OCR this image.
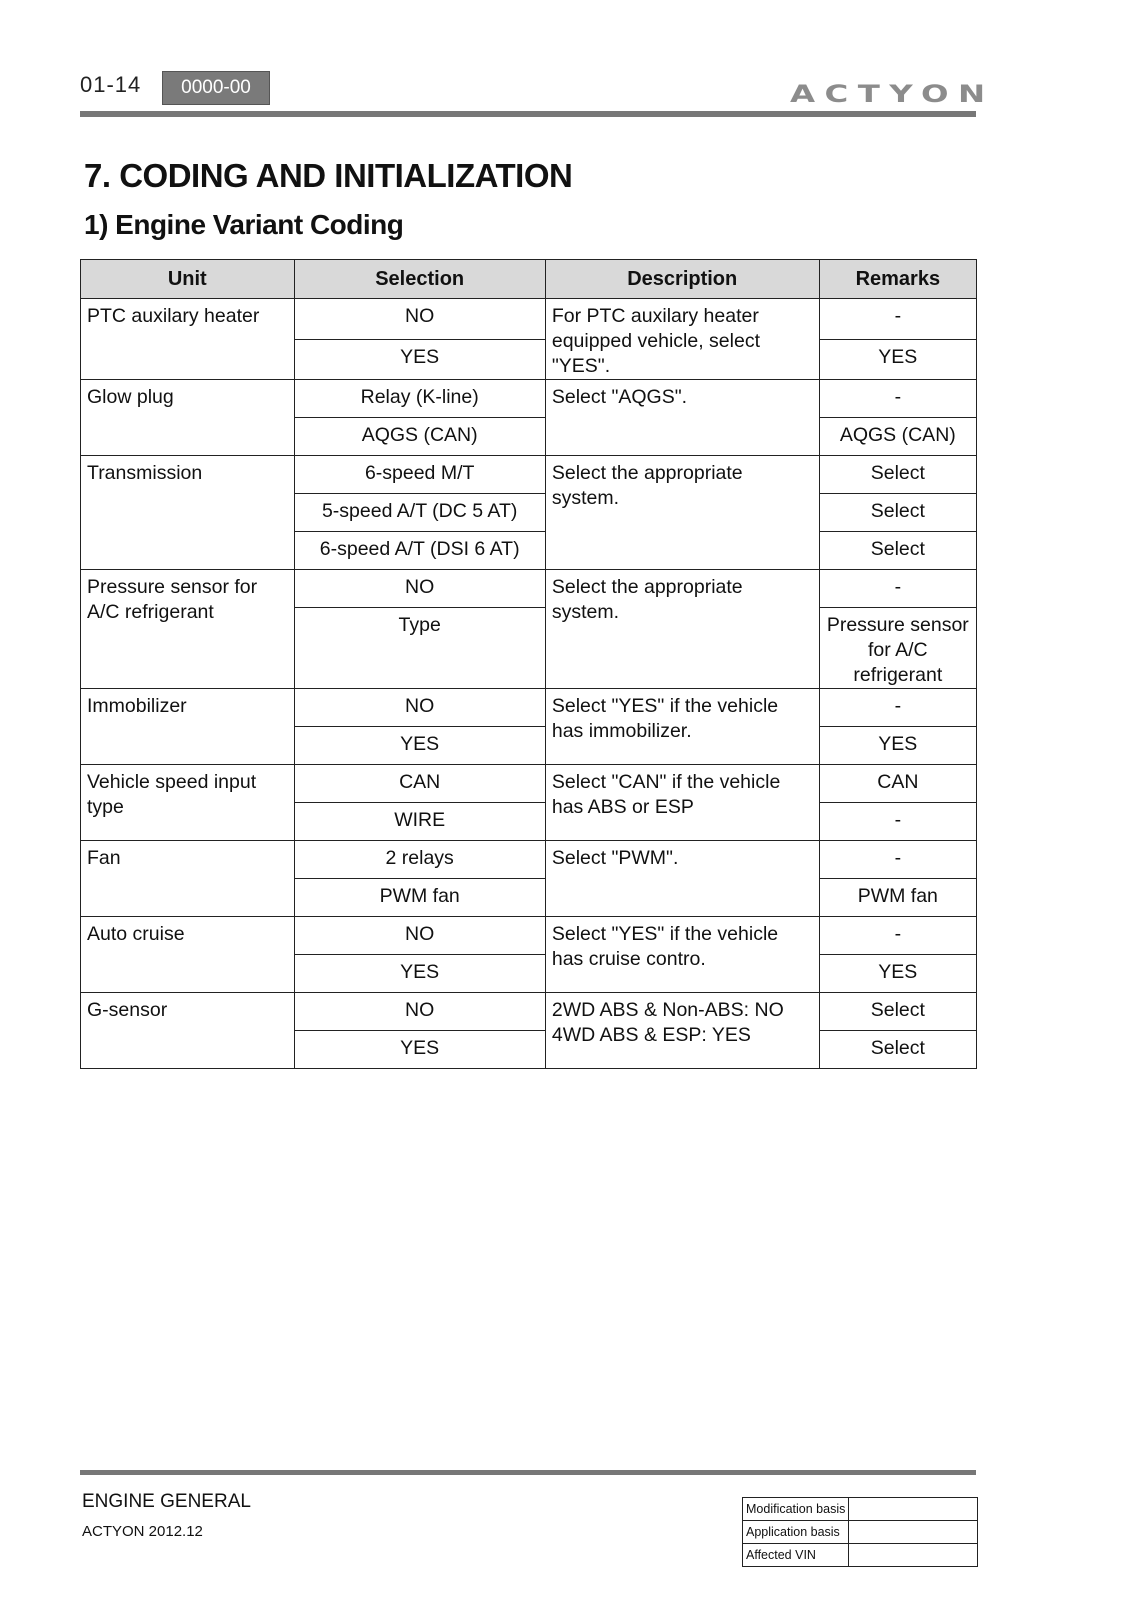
01-14	0000-00	ACTYON
7. CODING AND INITIALIZATION
1) Engine Variant Coding
Unit	Selection	Description	Remarks
PTC auxilary heater	NO	For PTC auxilary heater equipped vehicle, select "YES".	-
	YES		YES
Glow plug	Relay (K-line)	Select "AQGS".	-
	AQGS (CAN)		AQGS (CAN)
Transmission	6-speed M/T	Select the appropriate system.	Select
	5-speed A/T (DC 5 AT)		Select
	6-speed A/T (DSI 6 AT)		Select
Pressure sensor for A/C refrigerant	NO	Select the appropriate system.	-
	Type		Pressure sensor for A/C refrigerant
Immobilizer	NO	Select "YES" if the vehicle has immobilizer.	-
	YES		YES
Vehicle speed input type	CAN	Select "CAN" if the vehicle has ABS or ESP	CAN
	WIRE		-
Fan	2 relays	Select "PWM".	-
	PWM fan		PWM fan
Auto cruise	NO	Select "YES" if the vehicle has cruise contro.	-
	YES		YES
G-sensor	NO	2WD ABS & Non-ABS: NO 4WD ABS & ESP: YES	Select
	YES		Select
ENGINE GENERAL
ACTYON 2012.12
Modification basis	
Application basis	
Affected VIN	
